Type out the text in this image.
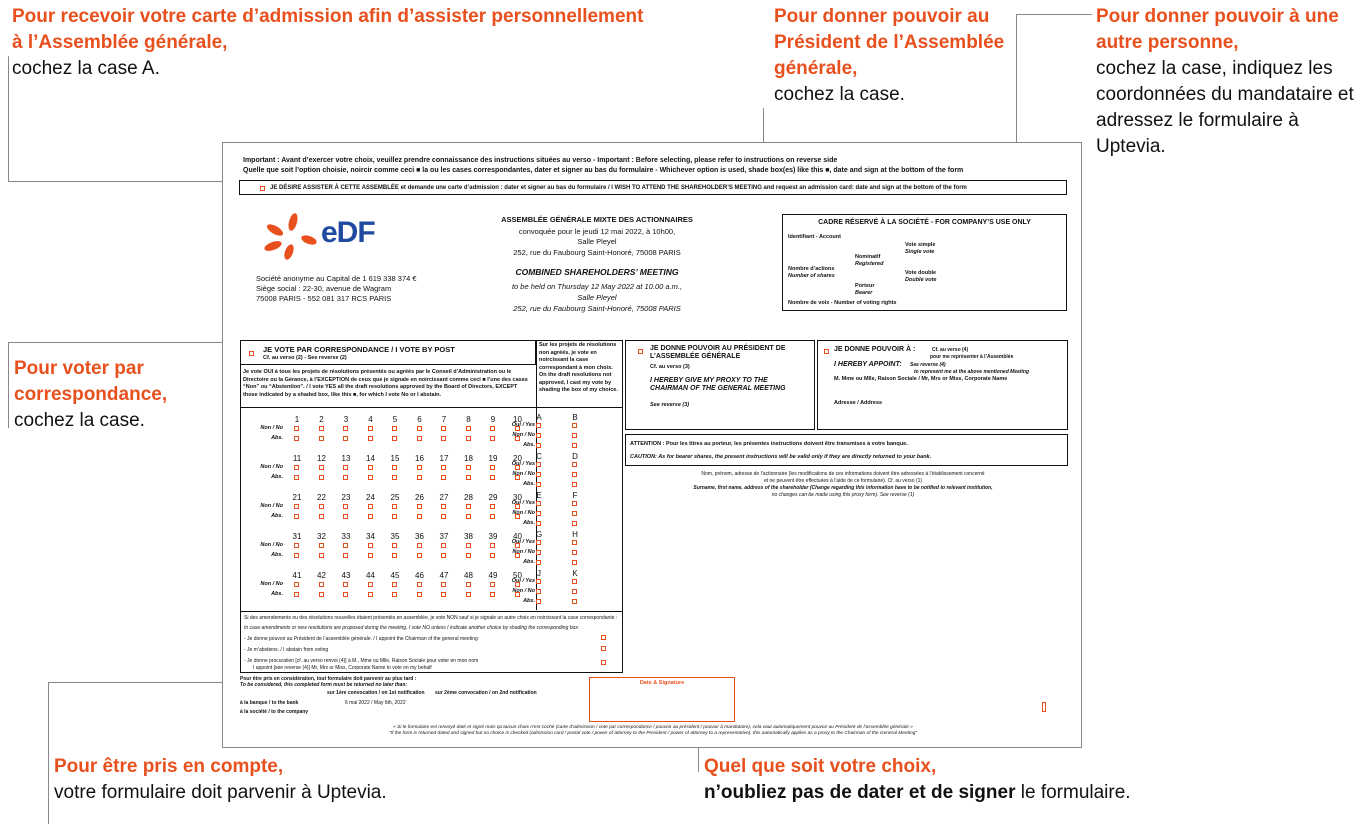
Pour recevoir votre carte d’admission afin d’assister personnellement à l’Assemblée générale,
cochez la case A.
Pour donner pouvoir au Président de l’Assemblée générale,
cochez la case.
Pour donner pouvoir à une autre personne,
cochez la case, indiquez les coordonnées du mandataire et adressez le formulaire à Uptevia.
Pour voter par correspondance,
cochez la case.
Pour être pris en compte,
votre formulaire doit parvenir à Uptevia.
Quel que soit votre choix,
n’oubliez pas de dater et de signer le formulaire.
Important : Avant d’exercer votre choix, veuillez prendre connaissance des instructions situées au verso - Important : Before selecting, please refer to instructions on reverse side
Quelle que soit l’option choisie, noircir comme ceci ■ la ou les cases correspondantes, dater et signer au bas du formulaire - Whichever option is used, shade box(es) like this ■, date and sign at the bottom of the form
JE DÉSIRE ASSISTER À CETTE ASSEMBLÉE et demande une carte d’admission : dater et signer au bas du formulaire / I WISH TO ATTEND THE SHAREHOLDER’S MEETING and request an admission card: date and sign at the bottom of the form
eDF
Société anonyme au Capital de 1 619 338 374 €
Siège social : 22-30, avenue de Wagram
75008 PARIS - 552 081 317 RCS PARIS
ASSEMBLÉE GÉNÉRALE MIXTE DES ACTIONNAIRES
convoquée pour le jeudi 12 mai 2022, à 10h00,
Salle Pleyel
252, rue du Faubourg Saint-Honoré, 75008 PARIS
COMBINED SHAREHOLDERS’ MEETING
to be held on Thursday 12 May 2022 at 10.00 a.m.,
Salle Pleyel
252, rue du Faubourg Saint-Honoré, 75008 PARIS
CADRE RÉSERVÉ À LA SOCIÉTÉ - FOR COMPANY’S USE ONLY
Identifiant - Account
Nominatif
Registered
Vote simple
Single vote
Nombre d’actions
Number of shares	Vote double
Double vote
Porteur
Bearer
Nombre de voix - Number of voting rights
JE VOTE PAR CORRESPONDANCE / I VOTE BY POST
Cf. au verso (2) - See reverse (2)
Je vote OUI à tous les projets de résolutions présentés ou agréés par le Conseil d’Administration ou le Directoire ou la Gérance, à l’EXCEPTION de ceux que je signale en noircissant comme ceci ■ l’une des cases “Non” ou “Abstention”. / I vote YES all the draft resolutions approved by the Board of Directors, EXCEPT those indicated by a shaded box, like this ■, for which I vote No or I abstain.
Sur les projets de résolutions non agréés, je vote en noircissant la case correspondant à mon choix. On the draft resolutions not approved, I cast my vote by shading the box of my choice.
1	2	3	4	5	6	7	8	9	10
Non / No
Abs.
A	B
Oui / Yes
Non / No
Abs.
11	12	13	14	15	16	17	18	19	20
Non / No
Abs.
C	D
Oui / Yes
Non / No
Abs.
21	22	23	24	25	26	27	28	29	30
Non / No
Abs.
E	F
Oui / Yes
Non / No
Abs.
31	32	33	34	35	36	37	38	39	40
Non / No
Abs.
G	H
Oui / Yes
Non / No
Abs.
41	42	43	44	45	46	47	48	49	50
Non / No
Abs.
J	K
Oui / Yes
Non / No
Abs.
Si des amendements ou des résolutions nouvelles étaient présentés en assemblée, je vote NON sauf si je signale un autre choix en noircissant la case correspondante :
In case amendments or new resolutions are proposed during the meeting, I vote NO unless I indicate another choice by shading the corresponding box:
- Je donne pouvoir au Président de l’assemblée générale. / I appoint the Chairman of the general meeting
- Je m’abstiens. / I abstain from voting
- Je donne procuration [cf. au verso renvoi (4)] à M., Mme ou Mlle, Raison Sociale pour voter en mon nom
I appoint [see reverse (4)] Mr, Mrs or Miss, Corporate Name to vote on my behalf
JE DONNE POUVOIR AU PRÉSIDENT DE L’ASSEMBLÉE GÉNÉRALE
Cf. au verso (3)
I HEREBY GIVE MY PROXY TO THE CHAIRMAN OF THE GENERAL MEETING
See reverse (3)
JE DONNE POUVOIR À :	Cf. au verso (4)
pour me représenter à l’Assemblée
I HEREBY APPOINT: See reverse (4)
to represent me at the above mentioned Meeting
M. Mme ou Mlle, Raison Sociale / Mr, Mrs or Miss, Corporate Name
Adresse / Address
ATTENTION : Pour les titres au porteur, les présentes instructions doivent être transmises à votre banque.
CAUTION: As for bearer shares, the present instructions will be valid only if they are directly returned to your bank.
Nom, prénom, adresse de l’actionnaire (les modifications de ces informations doivent être adressées à l’établissement concerné
et ne peuvent être effectuées à l’aide de ce formulaire). Cf. au verso (1)
Surname, first name, address of the shareholder (Change regarding this information have to be notified to relevant institution,
no changes can be made using this proxy form). See reverse (1)
Pour être pris en considération, tout formulaire doit parvenir au plus tard :
To be considered, this completed form must be returned no later than:
sur 1ère convocation / on 1st notification sur 2ème convocation / on 2nd notification
à la banque / to the bank	6 mai 2022 / May 6th, 2022
à la société / to the company
Date & Signature
« Si le formulaire est renvoyé daté et signé mais qu’aucun choix n’est coché (carte d’admission / vote par correspondance / pouvoir au président / pouvoir à mandataire), cela vaut automatiquement pouvoir au Président de l’assemblée générale »
“If the form is returned dated and signed but no choice is checked (admission card / postal vote / power of attorney to the President / power of attorney to a representative), this automatically applies as a proxy to the Chairman of the General Meeting”
